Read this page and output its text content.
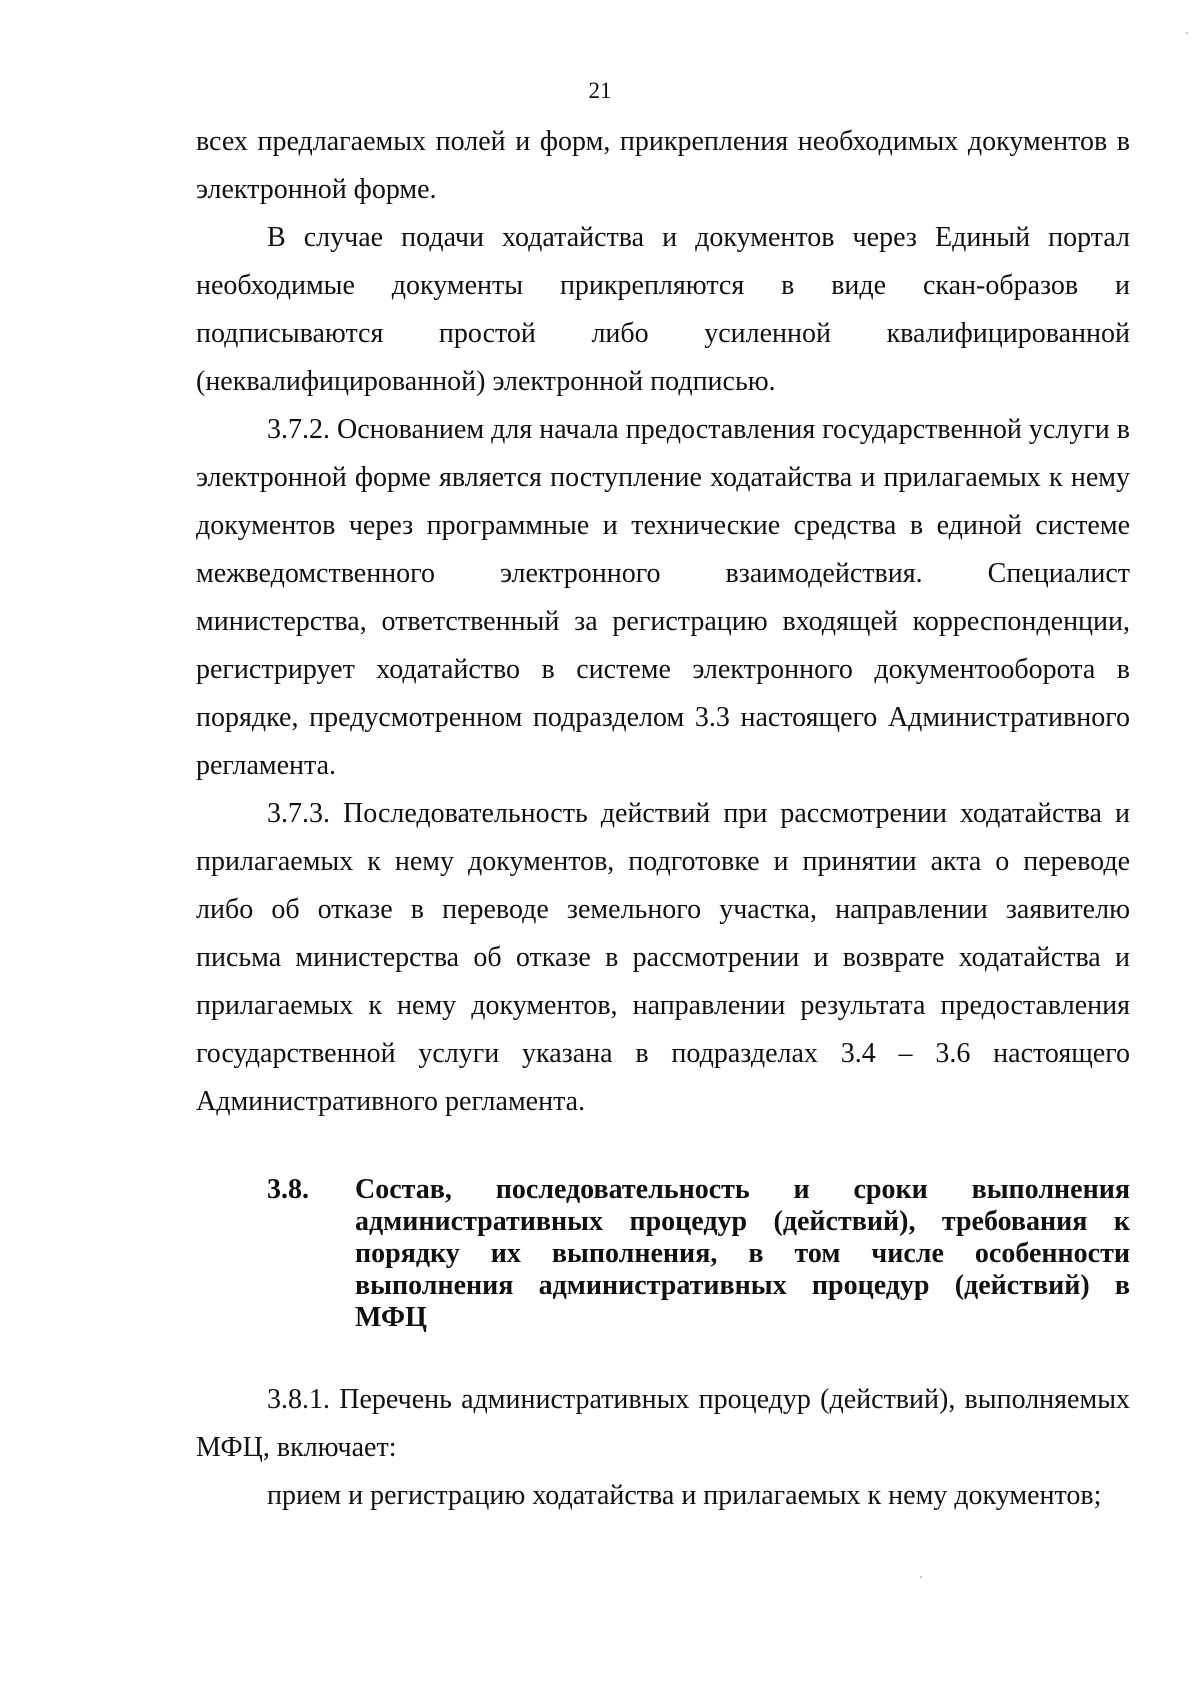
21

всех предлагаемых полей и форм, прикрепления необходимых документов в

электронной форме.

В случае подачи ходатайства и документов через Единый портал необходимые документы прикрепляются в виде скан-образов и подписываются простой либо усиленной квалифицированной (неквалифицированной) электронной подписью.

3.7.2. Основанием для начала предоставления государственной услуги в электронной форме является поступление ходатайства и прилагаемых к нему документов через программные и технические средства в единой системе межведомственного электронного взаимодействия. Специалист министерства, ответственный за регистрацию входящей корреспонденции, регистрирует ходатайство в системе электронного документооборота в порядке, предусмотренном подразделом 3.3 настоящего Административного регламента.

3.7.3. Последовательность действий при рассмотрении ходатайства и прилагаемых к нему документов, подготовке и принятии акта о переводе либо об отказе в переводе земельного участка, направлении заявителю письма министерства об отказе в рассмотрении и возврате ходатайства и прилагаемых к нему документов, направлении результата предоставления государственной услуги указана в подразделах 3.4 – 3.6 настоящего Административного регламента.

3.8.	Состав, последовательность и сроки выполнения административных процедур (действий), требования к порядку их выполнения, в том числе особенности выполнения административных процедур (действий) в МФЦ

3.8.1. Перечень административных процедур (действий), выполняемых МФЦ, включает:

прием и регистрацию ходатайства и прилагаемых к нему документов;
